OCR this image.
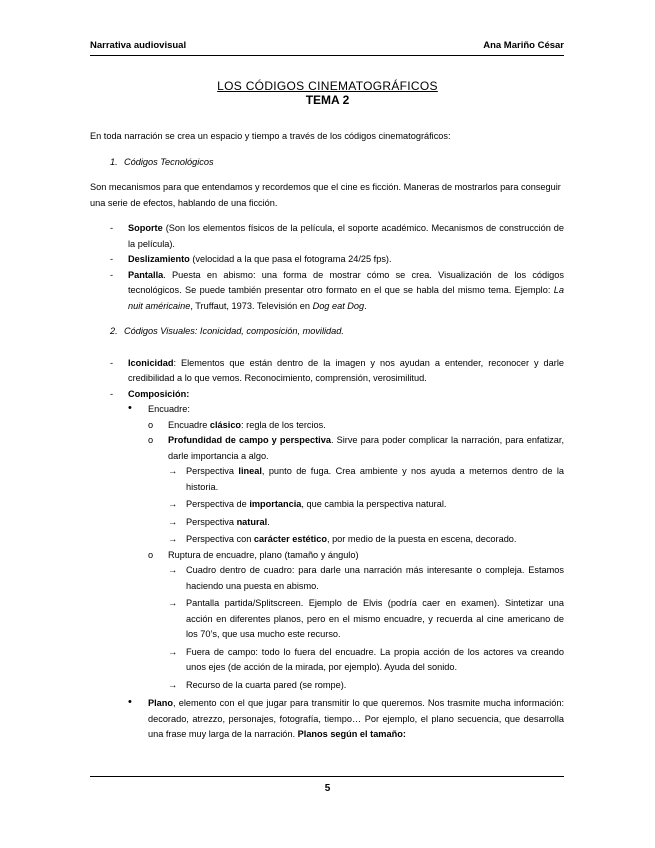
Narrativa audiovisual	Ana Mariño César
LOS CÓDIGOS CINEMATOGRÁFICOS
TEMA 2

En toda narración se crea un espacio y tiempo a través de los códigos cinematográficos:

1. Códigos Tecnológicos

Son mecanismos para que entendamos y recordemos que el cine es ficción. Maneras de mostrarlos para conseguir una serie de efectos, hablando de una ficción.

- Soporte (Son los elementos físicos de la película, el soporte académico. Mecanismos de construcción de la película).
- Deslizamiento (velocidad a la que pasa el fotograma 24/25 fps).
- Pantalla. Puesta en abismo: una forma de mostrar cómo se crea. Visualización de los códigos tecnológicos. Se puede también presentar otro formato en el que se habla del mismo tema. Ejemplo: La nuit américaine, Truffaut, 1973. Televisión en Dog eat Dog.
2. Códigos Visuales: Iconicidad, composición, movilidad.
- Iconicidad: Elementos que están dentro de la imagen y nos ayudan a entender, reconocer y darle credibilidad a lo que vemos. Reconocimiento, comprensión, verosimilitud.
- Composición:
• Encuadre:
o Encuadre clásico: regla de los tercios.
o Profundidad de campo y perspectiva. Sirve para poder complicar la narración, para enfatizar, darle importancia a algo.
→ Perspectiva lineal, punto de fuga. Crea ambiente y nos ayuda a meternos dentro de la historia.
→ Perspectiva de importancia, que cambia la perspectiva natural.
→ Perspectiva natural.
→ Perspectiva con carácter estético, por medio de la puesta en escena, decorado.
o Ruptura de encuadre, plano (tamaño y ángulo)
→ Cuadro dentro de cuadro: para darle una narración más interesante o compleja. Estamos haciendo una puesta en abismo.
→ Pantalla partida/Splitscreen. Ejemplo de Elvis (podría caer en examen). Sintetizar una acción en diferentes planos, pero en el mismo encuadre, y recuerda al cine americano de los 70’s, que usa mucho este recurso.
→ Fuera de campo: todo lo fuera del encuadre. La propia acción de los actores va creando unos ejes (de acción de la mirada, por ejemplo). Ayuda del sonido.
→ Recurso de la cuarta pared (se rompe).
• Plano, elemento con el que jugar para transmitir lo que queremos. Nos trasmite mucha información: decorado, atrezzo, personajes, fotografía, tiempo… Por ejemplo, el plano secuencia, que desarrolla una frase muy larga de la narración. Planos según el tamaño:
5
